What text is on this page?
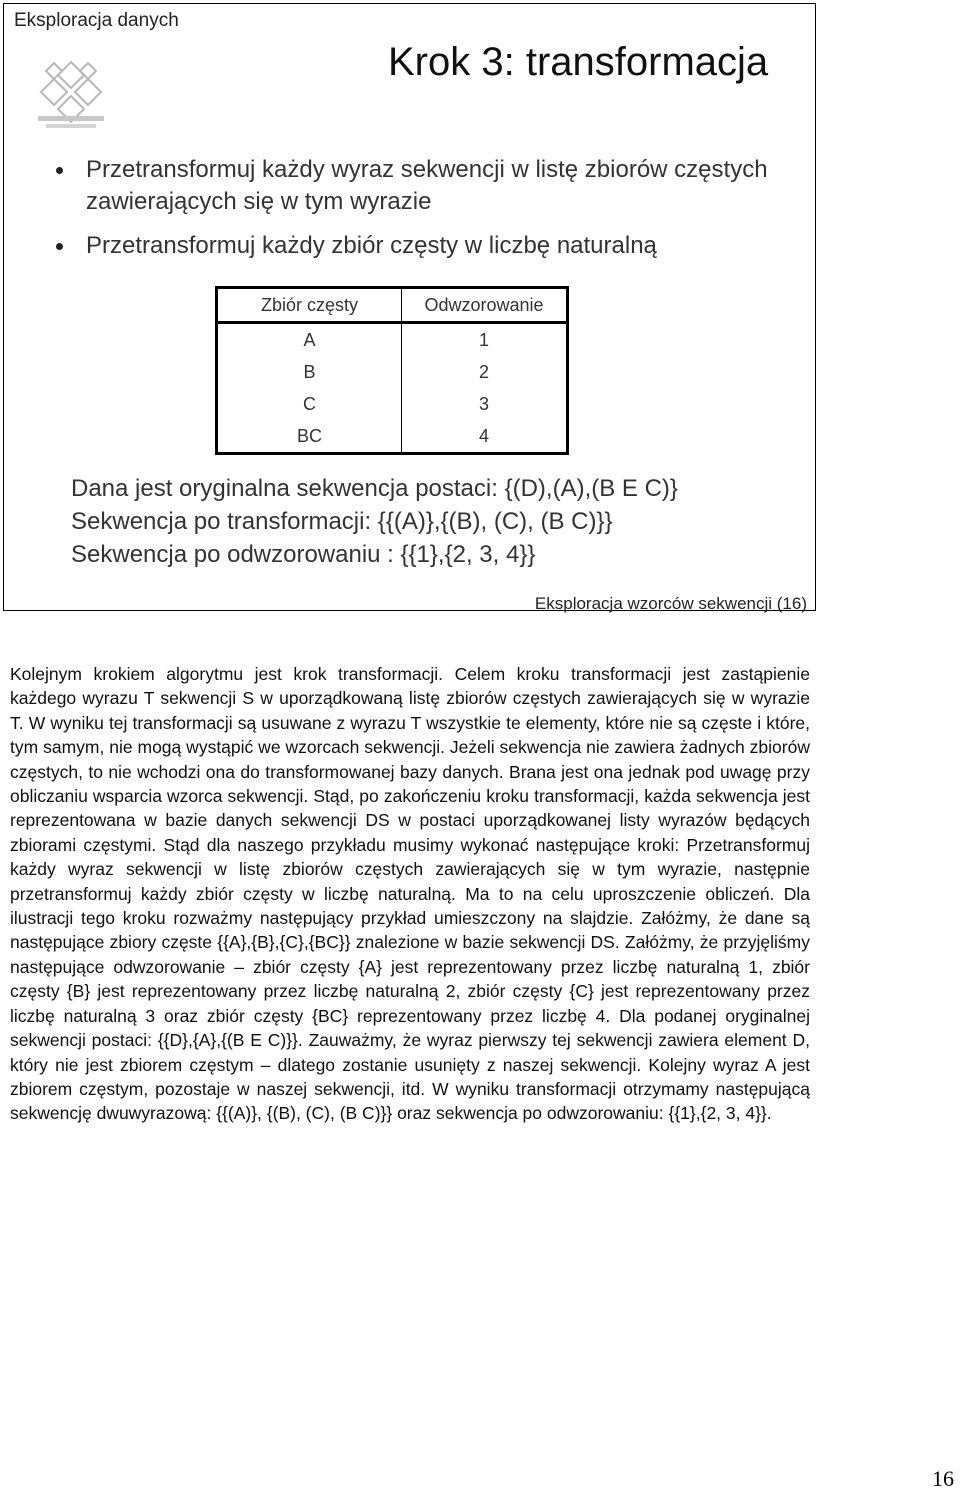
Eksploracja danych
Krok 3: transformacja
Przetransformuj każdy wyraz sekwencji w listę zbiorów częstych zawierających się w tym wyrazie
Przetransformuj każdy zbiór częsty w liczbę naturalną
Zbiór częsty	Odwzorowanie
A	1
B	2
C	3
BC	4
Dana jest oryginalna sekwencja postaci: {(D),(A),(B E C)}
Sekwencja po transformacji: {{(A)},{(B), (C), (B C)}}
Sekwencja po odwzorowaniu : {{1},{2, 3, 4}}
Eksploracja wzorców sekwencji (16)

Kolejnym krokiem algorytmu jest krok transformacji. Celem kroku transformacji jest zastąpienie każdego wyrazu T sekwencji S w uporządkowaną listę zbiorów częstych zawierających się w wyrazie T. W wyniku tej transformacji są usuwane z wyrazu T wszystkie te elementy, które nie są częste i które, tym samym, nie mogą wystąpić we wzorcach sekwencji. Jeżeli sekwencja nie zawiera żadnych zbiorów częstych, to nie wchodzi ona do transformowanej bazy danych. Brana jest ona jednak pod uwagę przy obliczaniu wsparcia wzorca sekwencji. Stąd, po zakończeniu kroku transformacji, każda sekwencja jest reprezentowana w bazie danych sekwencji DS w postaci uporządkowanej listy wyrazów będących zbiorami częstymi. Stąd dla naszego przykładu musimy wykonać następujące kroki: Przetransformuj każdy wyraz sekwencji w listę zbiorów częstych zawierających się w tym wyrazie, następnie przetransformuj każdy zbiór częsty w liczbę naturalną. Ma to na celu uproszczenie obliczeń. Dla ilustracji tego kroku rozważmy następujący przykład umieszczony na slajdzie. Załóżmy, że dane są następujące zbiory częste {{A},{B},{C},{BC}} znalezione w bazie sekwencji DS. Załóżmy, że przyjęliśmy następujące odwzorowanie – zbiór częsty {A} jest reprezentowany przez liczbę naturalną 1, zbiór częsty {B} jest reprezentowany przez liczbę naturalną 2, zbiór częsty {C} jest reprezentowany przez liczbę naturalną 3 oraz zbiór częsty {BC} reprezentowany przez liczbę 4. Dla podanej oryginalnej sekwencji postaci: {{D},{A},{(B E C)}}. Zauważmy, że wyraz pierwszy tej sekwencji zawiera element D, który nie jest zbiorem częstym – dlatego zostanie usunięty z naszej sekwencji. Kolejny wyraz A jest zbiorem częstym, pozostaje w naszej sekwencji, itd. W wyniku transformacji otrzymamy następującą sekwencję dwuwyrazową: {{(A)}, {(B), (C), (B C)}} oraz sekwencja po odwzorowaniu: {{1},{2, 3, 4}}.

16
